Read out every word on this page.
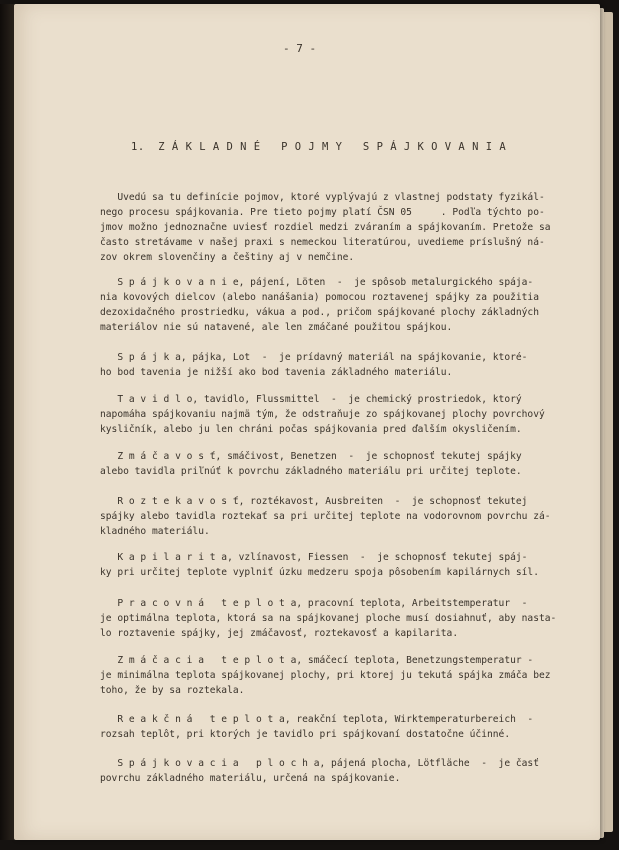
- 7 -
1.  Z Á K L A D N É   P O J M Y   S P Á J K O V A N I A
Uvedú sa tu definície pojmov, ktoré vyplývajú z vlastnej podstaty fyzikál-
nego procesu spájkovania. Pre tieto pojmy platí ČSN 05     . Podľa týchto po-
jmov možno jednoznačne uviesť rozdiel medzi zváraním a spájkovaním. Pretože sa
často stretávame v našej praxi s nemeckou literatúrou, uvedieme príslušný ná-
zov okrem slovenčiny a češtiny aj v nemčine.
S p á j k o v a n i e, pájení, Löten  -  je spôsob metalurgického spája-
nia kovových dielcov (alebo nanášania) pomocou roztavenej spájky za použitia
dezoxidačného prostriedku, vákua a pod., pričom spájkované plochy základných
materiálov nie sú natavené, ale len zmáčané použitou spájkou.
S p á j k a, pájka, Lot  -  je prídavný materiál na spájkovanie, ktoré-
ho bod tavenia je nižší ako bod tavenia základného materiálu.
T a v i d l o, tavidlo, Flussmittel  -  je chemický prostriedok, ktorý
napomáha spájkovaniu najmä tým, že odstraňuje zo spájkovanej plochy povrchový
kysličník, alebo ju len chráni počas spájkovania pred ďalším okysličením.
Z m á č a v o s ť, smáčivost, Benetzen  -  je schopnosť tekutej spájky
alebo tavidla priľnúť k povrchu základného materiálu pri určitej teplote.
R o z t e k a v o s ť, roztékavost, Ausbreiten  -  je schopnosť tekutej
spájky alebo tavidla roztekať sa pri určitej teplote na vodorovnom povrchu zá-
kladného materiálu.
K a p i l a r i t a, vzlínavost, Fiessen  -  je schopnosť tekutej spáj-
ky pri určitej teplote vyplniť úzku medzeru spoja pôsobením kapilárnych síl.
P r a c o v n á   t e p l o t a, pracovní teplota, Arbeitstemperatur  -
je optimálna teplota, ktorá sa na spájkovanej ploche musí dosiahnuť, aby nasta-
lo roztavenie spájky, jej zmáčavosť, roztekavosť a kapilarita.
Z m á č a c i a   t e p l o t a, smáčecí teplota, Benetzungstemperatur -
je minimálna teplota spájkovanej plochy, pri ktorej ju tekutá spájka zmáča bez
toho, že by sa roztekala.
R e a k č n á   t e p l o t a, reakční teplota, Wirktemperaturbereich  -
rozsah teplôt, pri ktorých je tavidlo pri spájkovaní dostatočne účinné.
S p á j k o v a c i a   p l o c h a, pájená plocha, Lötfläche  -  je časť
povrchu základného materiálu, určená na spájkovanie.
